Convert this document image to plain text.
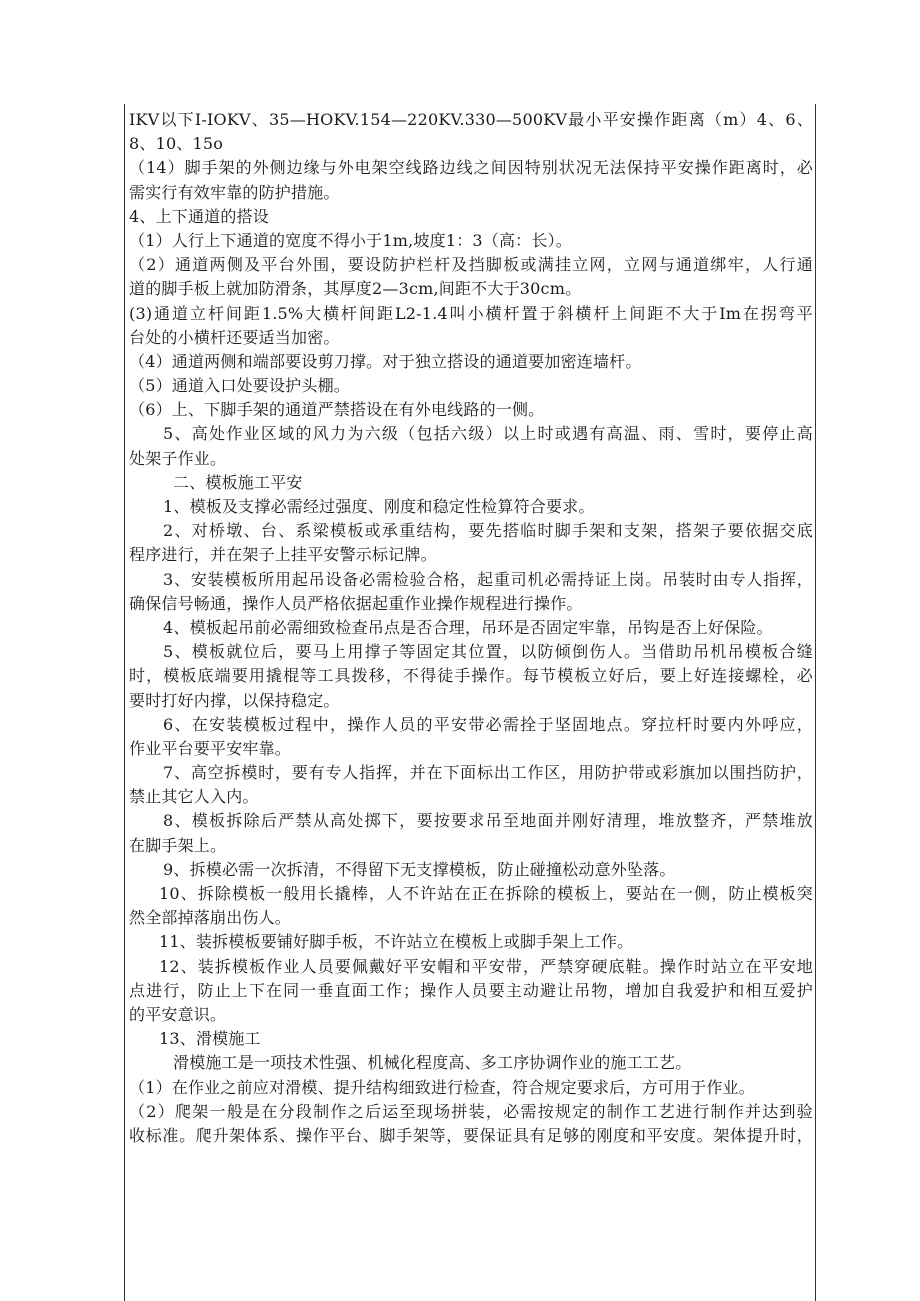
IKV以下I-IOKV、35—HOKV.154—220KV.330—500KV最小平安操作距离（m）4、6、
8、10、15o
（14）脚手架的外侧边缘与外电架空线路边线之间因特别状况无法保持平安操作距离时，必
需实行有效牢靠的防护措施。
4、上下通道的搭设
（1）人行上下通道的宽度不得小于1m,坡度1：3（高：长）。
（2）通道两侧及平台外围，要设防护栏杆及挡脚板或满挂立网，立网与通道绑牢，人行通
道的脚手板上就加防滑条，其厚度2—3cm,间距不大于30cm。
(3)通道立杆间距1.5%大横杆间距L2-1.4叫小横杆置于斜横杆上间距不大于Im在拐弯平
台处的小横杆还要适当加密。
（4）通道两侧和端部要设剪刀撑。对于独立搭设的通道要加密连墙杆。
（5）通道入口处要设护头棚。
（6）上、下脚手架的通道严禁搭设在有外电线路的一侧。
5、高处作业区域的风力为六级（包括六级）以上时或遇有高温、雨、雪时，要停止高
处架子作业。
二、模板施工平安
1、模板及支撑必需经过强度、刚度和稳定性检算符合要求。
2、对桥墩、台、系梁模板或承重结构，要先搭临时脚手架和支架，搭架子要依据交底
程序进行，并在架子上挂平安警示标记牌。
3、安装模板所用起吊设备必需检验合格，起重司机必需持证上岗。吊装时由专人指挥，
确保信号畅通，操作人员严格依据起重作业操作规程进行操作。
4、模板起吊前必需细致检查吊点是否合理，吊环是否固定牢靠，吊钩是否上好保险。
5、模板就位后，要马上用撑子等固定其位置，以防倾倒伤人。当借助吊机吊模板合缝
时，模板底端要用撬棍等工具拨移，不得徒手操作。每节模板立好后，要上好连接螺栓，必
要时打好内撑，以保持稳定。
6、在安装模板过程中，操作人员的平安带必需拴于坚固地点。穿拉杆时要内外呼应，
作业平台要平安牢靠。
7、高空拆模时，要有专人指挥，并在下面标出工作区，用防护带或彩旗加以围挡防护，
禁止其它人入内。
8、模板拆除后严禁从高处掷下，要按要求吊至地面并刚好清理，堆放整齐，严禁堆放
在脚手架上。
9、拆模必需一次拆清，不得留下无支撑模板，防止碰撞松动意外坠落。
10、拆除模板一般用长撬棒，人不许站在正在拆除的模板上，要站在一侧，防止模板突
然全部掉落崩出伤人。
11、装拆模板要铺好脚手板，不许站立在模板上或脚手架上工作。
12、装拆模板作业人员要佩戴好平安帽和平安带，严禁穿硬底鞋。操作时站立在平安地
点进行，防止上下在同一垂直面工作；操作人员要主动避让吊物，增加自我爱护和相互爱护
的平安意识。
13、滑模施工
滑模施工是一项技术性强、机械化程度高、多工序协调作业的施工工艺。
（1）在作业之前应对滑模、提升结构细致进行检查，符合规定要求后，方可用于作业。
（2）爬架一般是在分段制作之后运至现场拼装，必需按规定的制作工艺进行制作并达到验
收标准。爬升架体系、操作平台、脚手架等，要保证具有足够的刚度和平安度。架体提升时，
